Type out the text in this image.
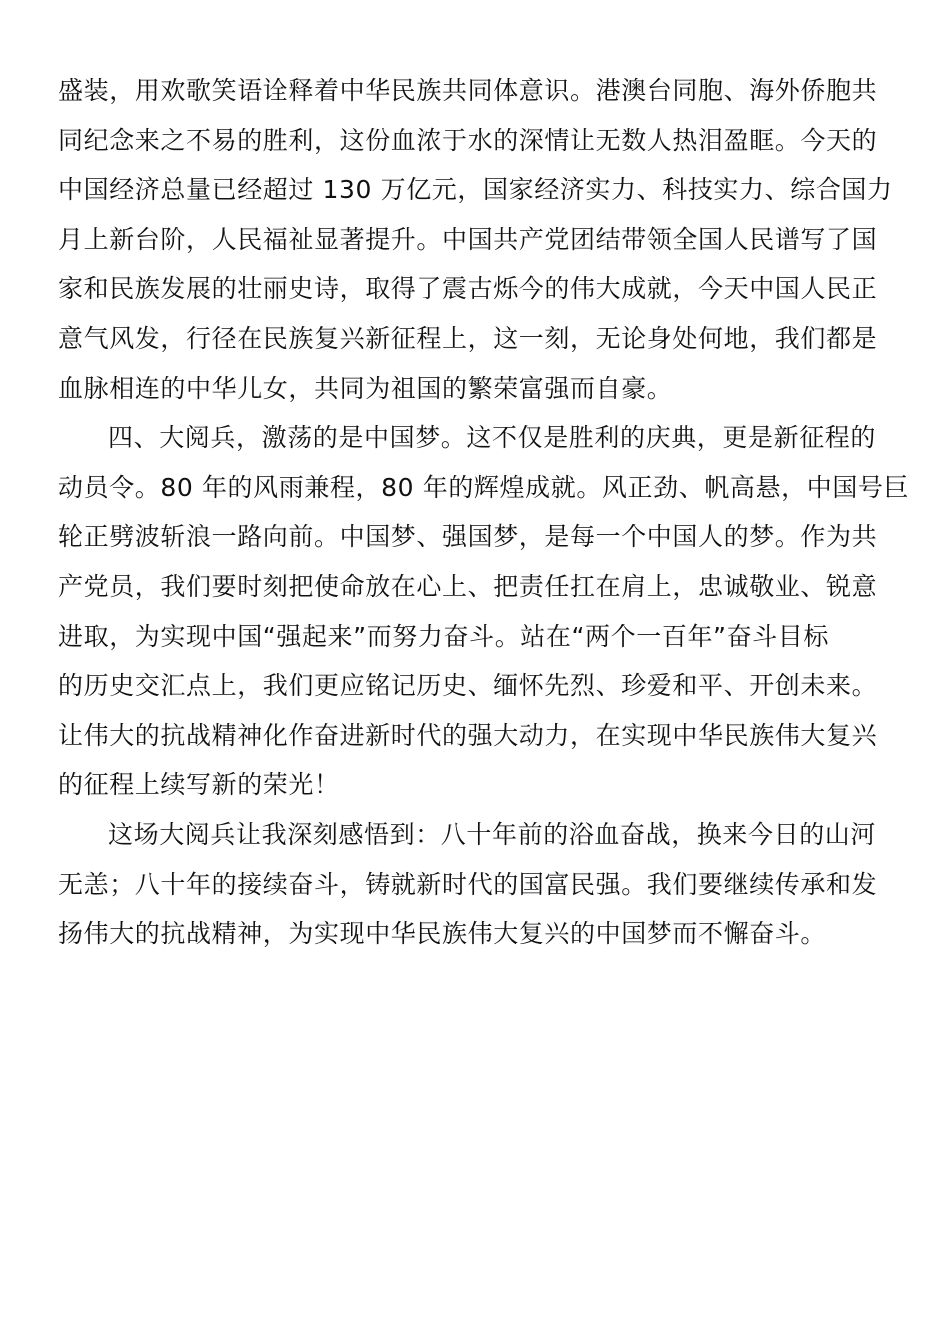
盛装，用欢歌笑语诠释着中华民族共同体意识。港澳台同胞、海外侨胞共
同纪念来之不易的胜利，这份血浓于水的深情让无数人热泪盈眶。今天的
中国经济总量已经超过 130 万亿元，国家经济实力、科技实力、综合国力
月上新台阶，人民福祉显著提升。中国共产党团结带领全国人民谱写了国
家和民族发展的壮丽史诗，取得了震古烁今的伟大成就，今天中国人民正
意气风发，行径在民族复兴新征程上，这一刻，无论身处何地，我们都是
血脉相连的中华儿女，共同为祖国的繁荣富强而自豪。
四、大阅兵，激荡的是中国梦。这不仅是胜利的庆典，更是新征程的
动员令。80 年的风雨兼程，80 年的辉煌成就。风正劲、帆高悬，中国号巨
轮正劈波斩浪一路向前。中国梦、强国梦，是每一个中国人的梦。作为共
产党员，我们要时刻把使命放在心上、把责任扛在肩上，忠诚敬业、锐意
进取，为实现中国“强起来”而努力奋斗。站在“两个一百年”奋斗目标
的历史交汇点上，我们更应铭记历史、缅怀先烈、珍爱和平、开创未来。
让伟大的抗战精神化作奋进新时代的强大动力，在实现中华民族伟大复兴
的征程上续写新的荣光！
这场大阅兵让我深刻感悟到：八十年前的浴血奋战，换来今日的山河
无恙；八十年的接续奋斗，铸就新时代的国富民强。我们要继续传承和发
扬伟大的抗战精神，为实现中华民族伟大复兴的中国梦而不懈奋斗。
